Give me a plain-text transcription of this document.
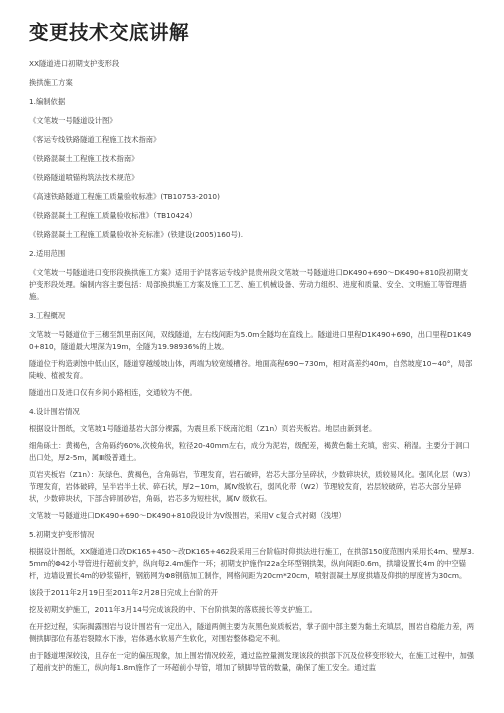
变更技术交底讲解

XX隧道进口初期支护变形段

换拱施工方案

1.编制依据

《文笔坡一号隧道设计图》

《客运专线铁路隧道工程施工技术指南》

《铁路混凝土工程施工技术指南》

《铁路隧道喷锚构筑法技术规范》

《高速铁路隧道工程施工质量验收标准》(TB10753-2010)

《铁路混凝土工程施工质量验收标准》（TB10424）

《铁路混凝土工程施工质量验收补充标准》(铁建设(2005)160号).

2.适用范围

《文笔坡一号隧道进口变形段换拱施工方案》适用于沪昆客运专线沪昆贵州段文笔坡一号隧道进口DK490+690～DK490+810段初期支护变形段处理。编制内容主要包括：局部换拱施工方案及施工工艺、施工机械设备、劳动力组织、进度和质量、安全、文明施工等管理措施。

3.工程概况

文笔坡一号隧道位于三穗至凯里南区间，双线隧道，左右线间距为5.0m全隧均在直线上。隧道进口里程D1K490+690，出口里程D1K490+810，隧道最大埋深为19m，全隧为19.98936%的上坡。

隧道位于构造剥蚀中低山区，隧道穿越缓坡山体，两端为较宽缓槽谷。地面高程690~730m，相对高差约40m，自然坡度10~40°，局部陡峻、植被发育。

隧道出口及进口仅有乡间小路相连，交通较为不便。

4.设计围岩情况

根据设计图纸，文笔坡1号隧道基岩大部分裸露，为震旦系下统南沱组（Z1n）页岩夹板岩。地层由新到老。

细角砾土：黄褐色，含角砾约60%,次棱角状，粒径20-40mm左右，成分为泥岩，级配差，褐黄色黏土充填，密实、稍湿。主要分于洞口出口处，厚2-5m，属Ⅲ级普通土。

页岩夹板岩（Z1n）：灰绿色、黄褐色，含角砾岩，节理发育，岩石破碎，岩芯大部分呈碎状，少数碎块状，质较易风化。强风化层（W3）节理发育，岩体破碎，呈半岩半土状、碎石状，厚2~10m，属Ⅳ级软石，弱风化带（W2）节理较发育，岩层较破碎，岩芯大部分呈碎状，少数碎块状，下部含碎屑砂岩，角砾，岩芯多为短柱状，属Ⅳ 级软石。

文笔坡一号隧道进口DK490+690～DK490+810段设计为V级围岩，采用V c复合式衬砌（浅埋）

5.初期支护变形情况

根据设计图纸，XX隧道进口改DK165+450～改DK165+462段采用三台阶临时仰拱法进行施工，在拱部150度范围内采用长4m、壁厚3.5mm的Φ42小导管进行超前支护，纵向每2.4m施作一环；初期支护施作I22a全环型钢拱架，纵向间距0.6m，拱墙设置长4m 的中空锚杆，边墙设置长4m的砂浆锚杆，钢筋网为Φ8钢筋加工制作，网格间距为20cm*20cm，喷射混凝土厚度拱墙及仰拱的厚度皆为30cm。

该段于2011年2月19日至2011年2月28日完成上台阶的开

挖及初期支护施工，2011年3月14号完成该段的中、下台阶拱架的落底接长等支护施工。

在开挖过程，实际揭露围岩与设计围岩有一定出入，隧道两侧主要为灰黑色炭质板岩，掌子面中部主要为黏土充填层，围岩自稳能力差，两侧拱脚部位有基岩裂隙水下渗，岩体遇水软易产生软化，对围岩整体稳定不利。

由于隧道埋深较浅，且存在一定的偏压现象，加上围岩情况较差，通过监控量测发现该段的拱部下沉及位移变形较大，在施工过程中，加强了超前支护的施工，纵向每1.8m施作了一环超前小导管，增加了锁脚导管的数量，确保了施工安全。通过监
